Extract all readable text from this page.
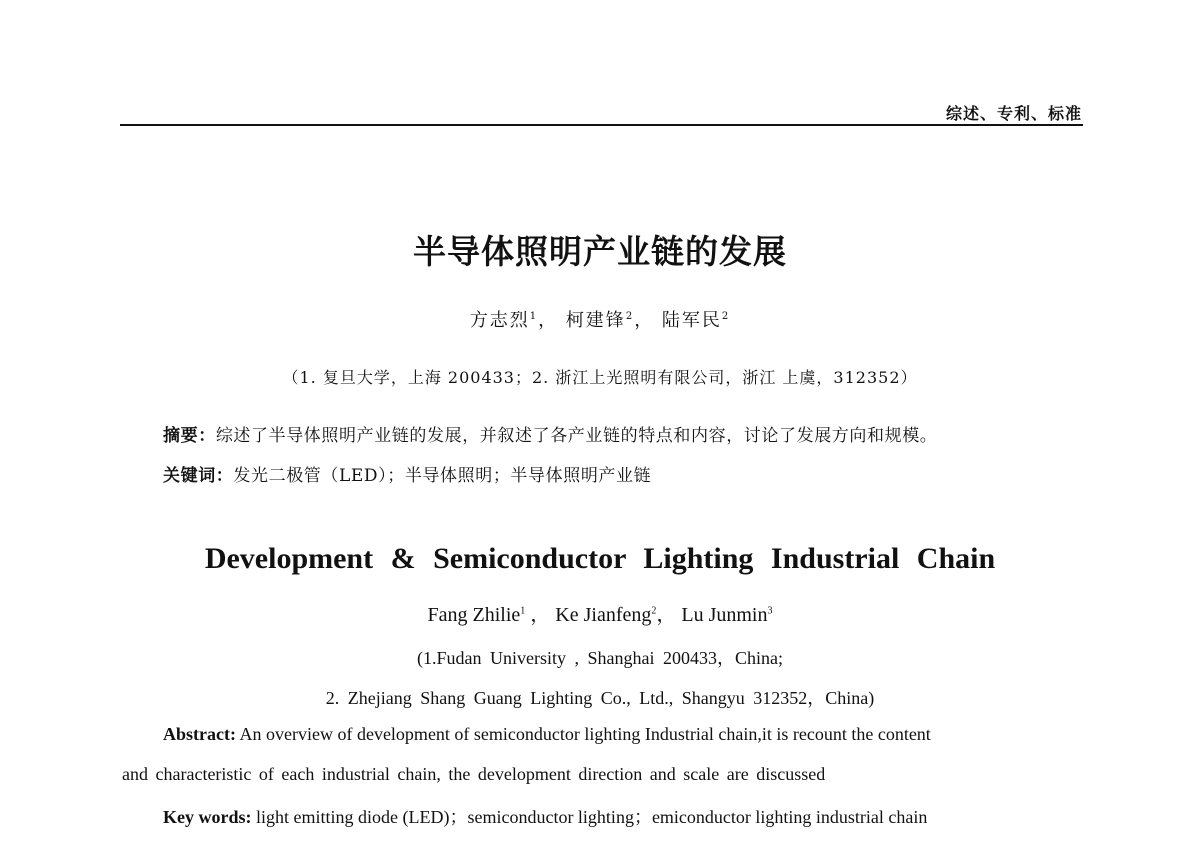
综述、专利、标准
半导体照明产业链的发展
方志烈$^1$， 柯建锋$^2$， 陆军民$^2$
（1. 复旦大学，上海 200433；2. 浙江上光照明有限公司，浙江 上虞，312352）
摘要：综述了半导体照明产业链的发展，并叙述了各产业链的特点和内容，讨论了发展方向和规模。
关键词：发光二极管（LED）；半导体照明；半导体照明产业链
Development & Semiconductor Lighting Industrial Chain
Fang Zhilie$^1$ ， Ke Jianfeng$^2$， Lu Junmin$^3$
(1.Fudan University , Shanghai 200433，China;
2. Zhejiang Shang Guang Lighting Co., Ltd., Shangyu 312352，China)
Abstract: An overview of development of semiconductor lighting Industrial chain,it is recount the content
and characteristic of each industrial chain, the development direction and scale are discussed
Key words: light emitting diode (LED)；semiconductor lighting；emiconductor lighting industrial chain
